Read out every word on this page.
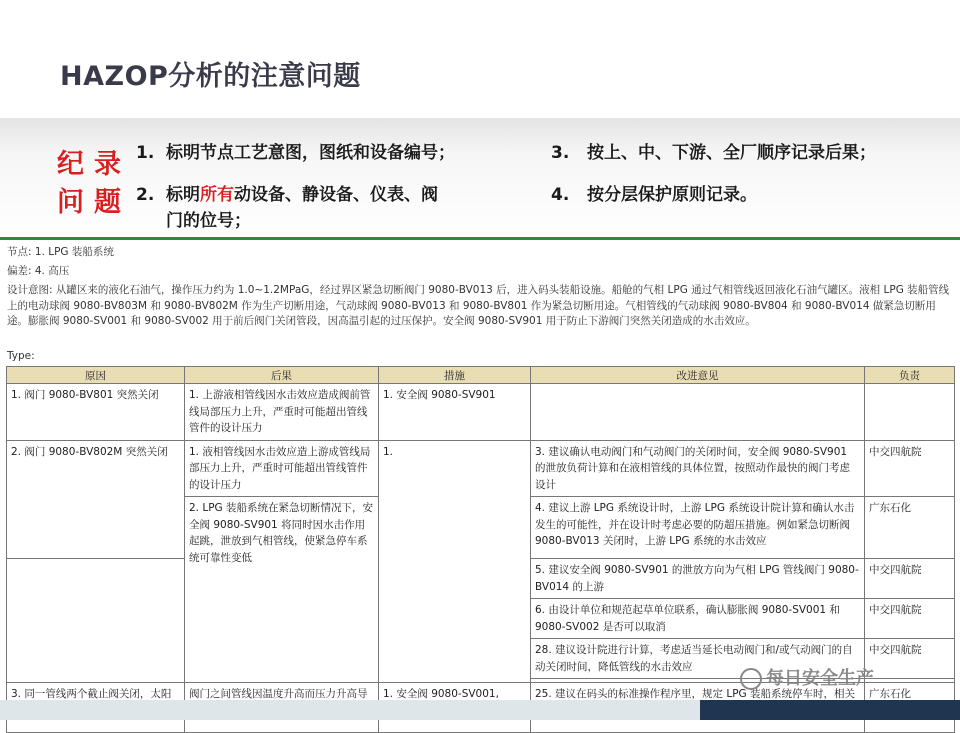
HAZOP分析的注意问题
纪录
问题
1. 标明节点工艺意图，图纸和设备编号；
2. 标明所有动设备、静设备、仪表、阀
门的位号；
3. 按上、中、下游、全厂顺序记录后果；
4. 按分层保护原则记录。
节点: 1. LPG 装船系统
偏差: 4. 高压
设计意图: 从罐区来的液化石油气，操作压力约为 1.0~1.2MPaG，经过界区紧急切断阀门 9080-BV013 后，进入码头装船设施。船舱的气相 LPG 通过气相管线返回液化石油气罐区。液相 LPG 装船管线上的电动球阀 9080-BV803M 和 9080-BV802M 作为生产切断用途，气动球阀 9080-BV013 和 9080-BV801 作为紧急切断用途。气相管线的气动球阀 9080-BV804 和 9080-BV014 做紧急切断用途。膨胀阀 9080-SV001 和 9080-SV002 用于前后阀门关闭管段，因高温引起的过压保护。安全阀 9080-SV901 用于防止下游阀门突然关闭造成的水击效应。
Type:
原因	后果	措施	改进意见	负责
1. 阀门 9080-BV801 突然关闭	1. 上游液相管线因水击效应造成阀前管线局部压力上升，严重时可能超出管线管件的设计压力	1. 安全阀 9080-SV901		
2. 阀门 9080-BV802M 突然关闭	1. 液相管线因水击效应造上游成管线局部压力上升，严重时可能超出管线管件的设计压力	1.	3. 建议确认电动阀门和气动阀门的关闭时间，安全阀 9080-SV901 的泄放负荷计算和在液相管线的具体位置，按照动作最快的阀门考虑设计	中交四航院
	2. LPG 装船系统在紧急切断情况下，安全阀 9080-SV901 将同时因水击作用起跳，泄放到气相管线，使紧急停车系统可靠性变低		4. 建议上游 LPG 系统设计时，上游 LPG 系统设计院计算和确认水击发生的可能性，并在设计时考虑必要的防超压措施。例如紧急切断阀 9080-BV013 关闭时，上游 LPG 系统的水击效应	广东石化
			5. 建议安全阀 9080-SV901 的泄放方向为气相 LPG 管线阀门 9080-BV014 的上游	中交四航院
			6. 由设计单位和规范起草单位联系，确认膨胀阀 9080-SV001 和 9080-SV002 是否可以取消	中交四航院
			28. 建议设计院进行计算，考虑适当延长电动阀门和/或气动阀门的自动关闭时间，降低管线的水击效应	中交四航院

3. 同一管线两个截止阀关闭，太阳	阀门之间管线因温度升高而压力升高导	1. 安全阀 9080-SV001,	25. 建议在码头的标准操作程序里，规定 LPG 装船系统停车时，相关	广东石化
每日安全生产
